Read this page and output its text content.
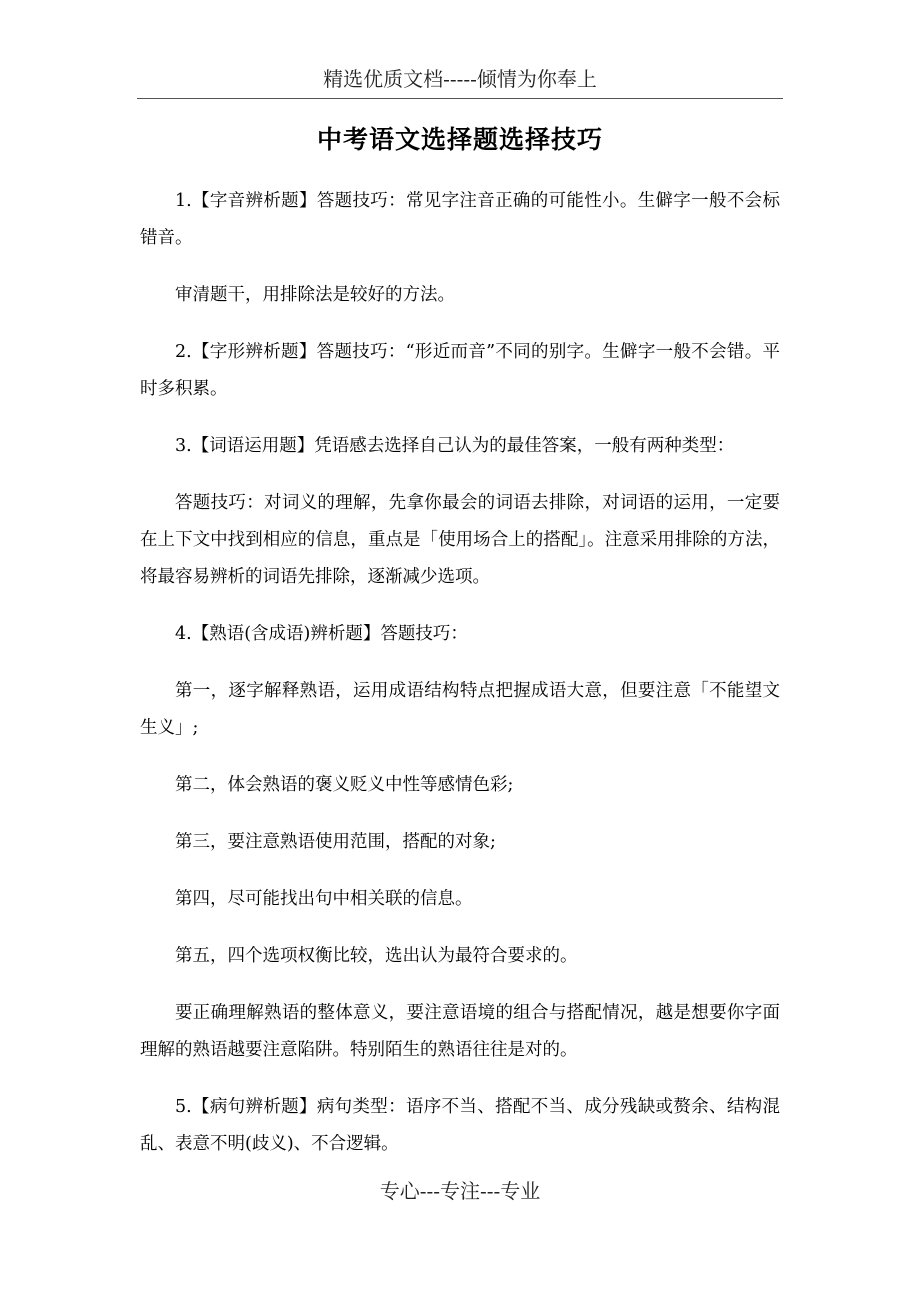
精选优质文档-----倾情为你奉上
中考语文选择题选择技巧

1.【字音辨析题】答题技巧：常见字注音正确的可能性小。生僻字一般不会标错音。

审清题干，用排除法是较好的方法。

2.【字形辨析题】答题技巧：“形近而音”不同的别字。生僻字一般不会错。平时多积累。

3.【词语运用题】凭语感去选择自己认为的最佳答案，一般有两种类型：

答题技巧：对词义的理解，先拿你最会的词语去排除，对词语的运用，一定要在上下文中找到相应的信息，重点是「使用场合上的搭配」。注意采用排除的方法，将最容易辨析的词语先排除，逐渐减少选项。

4.【熟语(含成语)辨析题】答题技巧：

第一，逐字解释熟语，运用成语结构特点把握成语大意，但要注意「不能望文生义」;

第二，体会熟语的褒义贬义中性等感情色彩;

第三，要注意熟语使用范围，搭配的对象;

第四，尽可能找出句中相关联的信息。

第五，四个选项权衡比较，选出认为最符合要求的。

要正确理解熟语的整体意义，要注意语境的组合与搭配情况，越是想要你字面理解的熟语越要注意陷阱。特别陌生的熟语往往是对的。

5.【病句辨析题】病句类型：语序不当、搭配不当、成分残缺或赘余、结构混乱、表意不明(歧义)、不合逻辑。

专心---专注---专业
